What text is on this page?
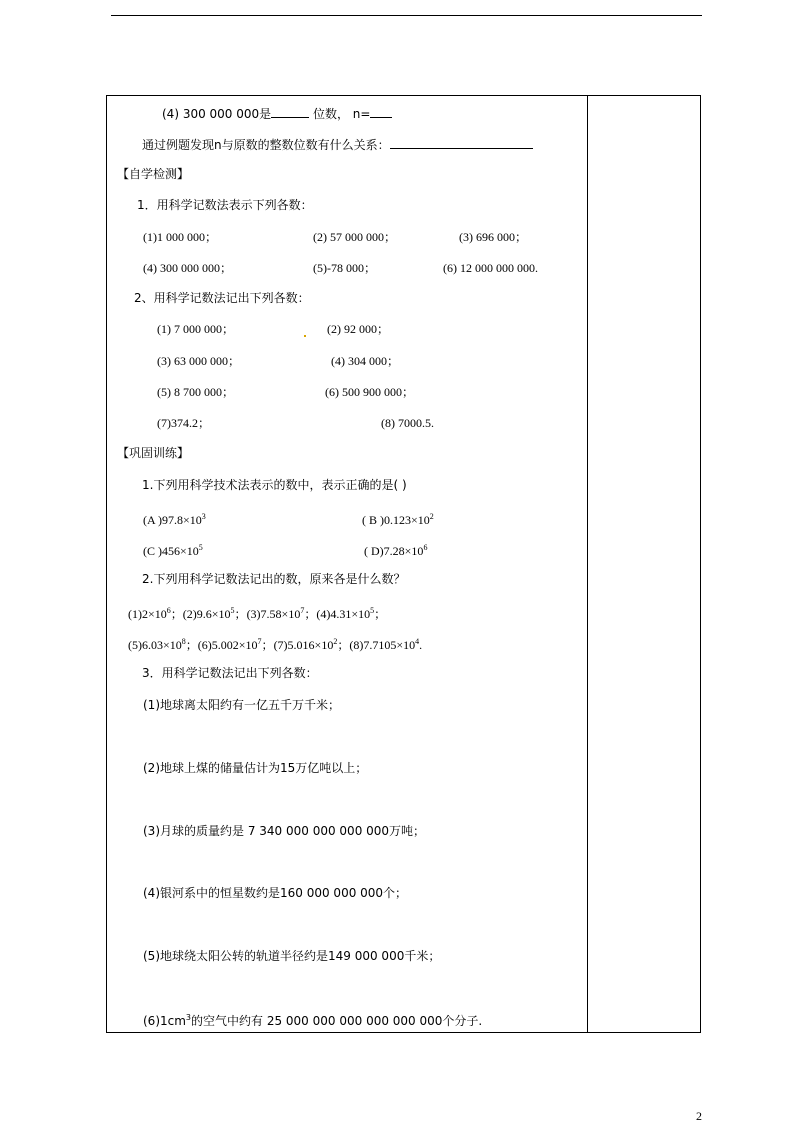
(4) 300 000 000是	位数， n=
通过例题发现n与原数的整数位数有什么关系：
【自学检测】
1．用科学记数法表示下列各数：
(1)1 000 000；	(2) 57 000 000；	(3) 696 000；
(4) 300 000 000；	(5)-78 000；	(6) 12 000 000 000.
2、用科学记数法记出下列各数：
(1) 7 000 000；	(2) 92 000；
(3) 63 000 000；	(4) 304 000；
(5) 8 700 000；	(6) 500 900 000；
(7)374.2；	(8) 7000.5.
【巩固训练】
1.下列用科学技术法表示的数中，表示正确的是( )
(A )$97.8\times 10^3$	( B )$0.123\times 10^2$
(C )$456\times 10^5$	( $D)7.28\times 10^6$
2.下列用科学记数法记出的数，原来各是什么数？
$(1)2\times 10^6$；$(2)9.6\times 10^5$；$(3)7.58\times 10^7$；$(4)4.31\times 10^5$；
$(5)6.03\times 10^8$；$(6)5.002\times 10^7$；$(7)5.016\times 10^2$；$(8)7.7105\times 10^4$.
3．用科学记数法记出下列各数：
(1)地球离太阳约有一亿五千万千米；
(2)地球上煤的储量估计为15万亿吨以上；
(3)月球的质量约是 7 340 000 000 000 000万吨；
(4)银河系中的恒星数约是160 000 000 000个；
(5)地球绕太阳公转的轨道半径约是149 000 000千米；
$(6)1cm^3$的空气中约有 25 000 000 000 000 000 000个分子.
2
